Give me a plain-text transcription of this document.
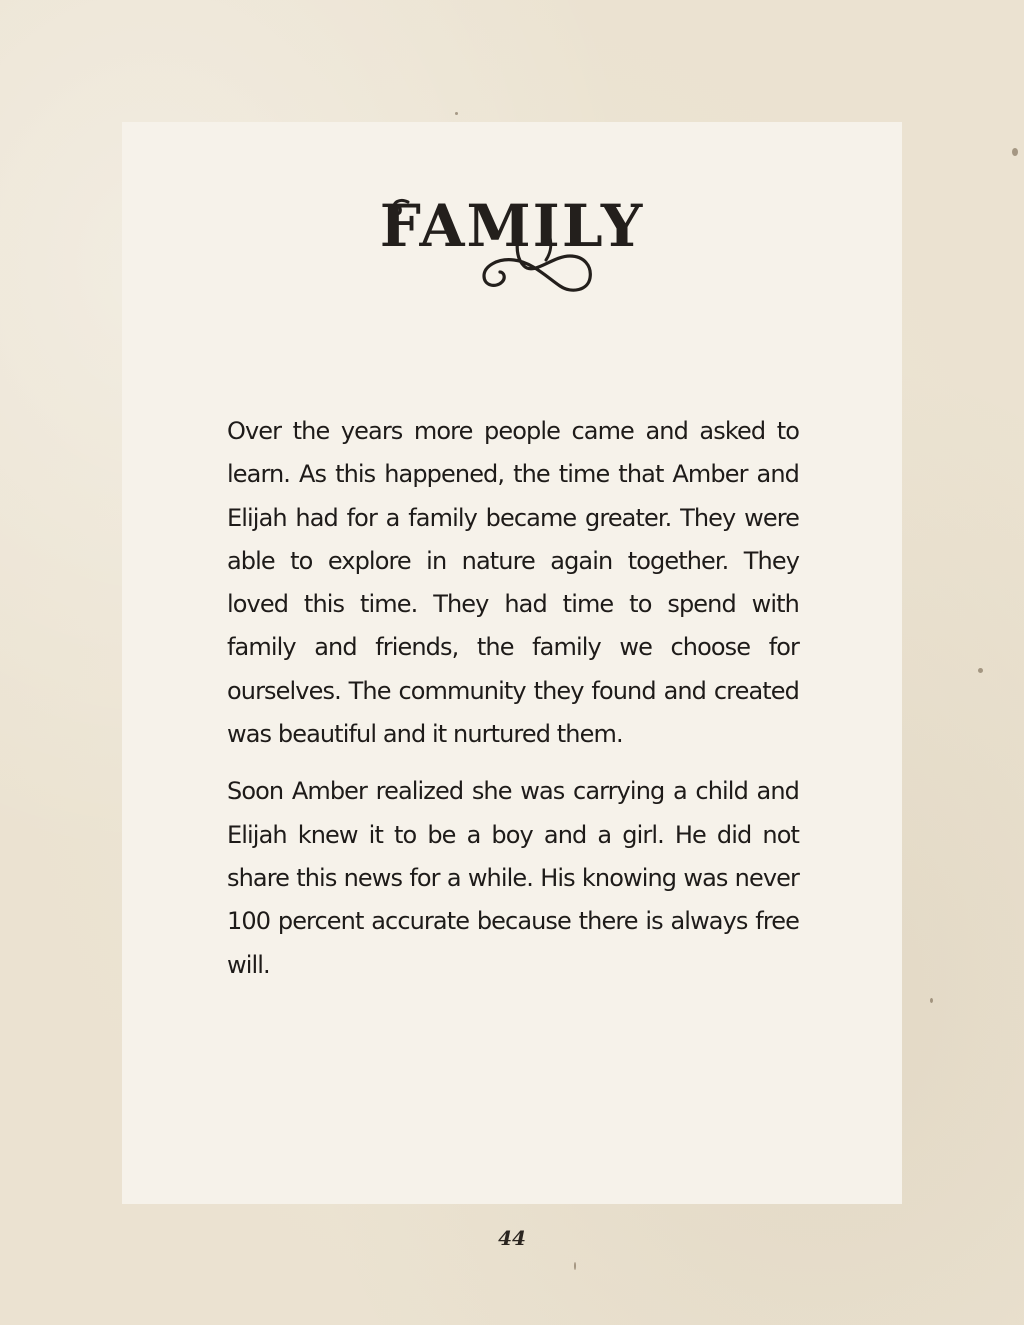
FAMILY

Over the years more people came and asked to learn. As this happened, the time that Amber and Elijah had for a family became greater. They were able to explore in nature again together. They loved this time. They had time to spend with family and friends, the family we choose for ourselves. The community they found and created was beautiful and it nurtured them.

Soon Amber realized she was carrying a child and Elijah knew it to be a boy and a girl. He did not share this news for a while. His knowing was never 100 percent accurate because there is always free will.

44
